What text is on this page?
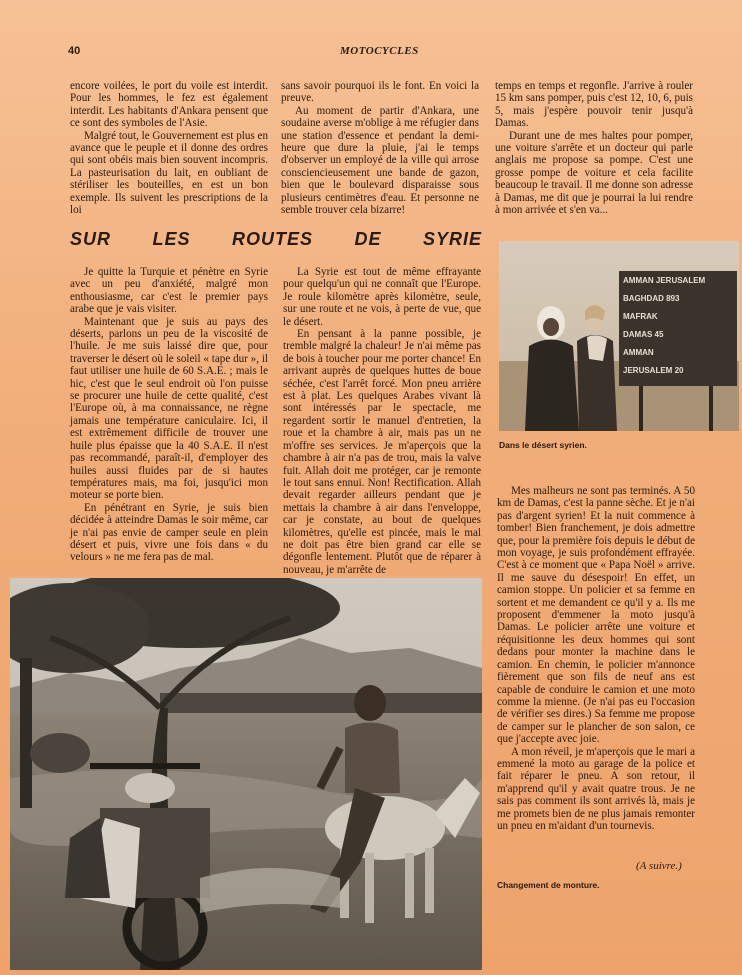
40	MOTOCYCLES

encore voilées, le port du voile est interdit. Pour les hommes, le fez est également interdit. Les habitants d'Ankara pensent que ce sont des symboles de l'Asie.

Malgré tout, le Gouvernement est plus en avance que le peuple et il donne des ordres qui sont obéis mais bien souvent incompris. La pasteurisation du lait, en oubliant de stériliser les bouteilles, en est un bon exemple. Ils suivent les prescriptions de la loi

sans savoir pourquoi ils le font. En voici la preuve.

Au moment de partir d'Ankara, une soudaine averse m'oblige à me réfugier dans une station d'essence et pendant la demi-heure que dure la pluie, j'ai le temps d'observer un employé de la ville qui arrose consciencieusement une bande de gazon, bien que le boulevard disparaisse sous plusieurs centimètres d'eau. Et personne ne semble trouver cela bizarre!

temps en temps et regonfle. J'arrive à rouler 15 km sans pomper, puis c'est 12, 10, 6, puis 5, mais j'espère pouvoir tenir jusqu'à Damas.

Durant une de mes haltes pour pomper, une voiture s'arrête et un docteur qui parle anglais me propose sa pompe. C'est une grosse pompe de voiture et cela facilite beaucoup le travail. Il me donne son adresse à Damas, me dit que je pourrai la lui rendre à mon arrivée et s'en va...

SUR LES ROUTES DE SYRIE

Je quitte la Turquie et pénètre en Syrie avec un peu d'anxiété, malgré mon enthousiasme, car c'est le premier pays arabe que je vais visiter.

Maintenant que je suis au pays des déserts, parlons un peu de la viscosité de l'huile. Je me suis laissé dire que, pour traverser le désert où le soleil « tape dur », il faut utiliser une huile de 60 S.A.E. ; mais le hic, c'est que le seul endroit où l'on puisse se procurer une huile de cette qualité, c'est l'Europe où, à ma connaissance, ne règne jamais une température caniculaire. Ici, il est extrêmement difficile de trouver une huile plus épaisse que la 40 S.A.E. Il n'est pas recommandé, paraît-il, d'employer des huiles aussi fluides par de si hautes températures mais, ma foi, jusqu'ici mon moteur se porte bien.

En pénétrant en Syrie, je suis bien décidée à atteindre Damas le soir même, car je n'ai pas envie de camper seule en plein désert et puis, vivre une fois dans « du velours » ne me fera pas de mal.

La Syrie est tout de même effrayante pour quelqu'un qui ne connaît que l'Europe. Je roule kilomètre après kilomètre, seule, sur une route et ne vois, à perte de vue, que le désert.

En pensant à la panne possible, je tremble malgré la chaleur! Je n'ai même pas de bois à toucher pour me porter chance! En arrivant auprès de quelques huttes de boue séchée, c'est l'arrêt forcé. Mon pneu arrière est à plat. Les quelques Arabes vivant là sont intéressés par le spectacle, me regardent sortir le manuel d'entretien, la roue et la chambre à air, mais pas un ne m'offre ses services. Je m'aperçois que la chambre à air n'a pas de trou, mais la valve fuit. Allah doit me protéger, car je remonte le tout sans ennui. Non! Rectification. Allah devait regarder ailleurs pendant que je mettais la chambre à air dans l'enveloppe, car je constate, au bout de quelques kilomètres, qu'elle est pincée, mais le mal ne doit pas être bien grand car elle se dégonfle lentement. Plutôt que de réparer à nouveau, je m'arrête de

Mes malheurs ne sont pas terminés. A 50 km de Damas, c'est la panne sèche. Et je n'ai pas d'argent syrien! Et la nuit commence à tomber! Bien franchement, je dois admettre que, pour la première fois depuis le début de mon voyage, je suis profondément effrayée. C'est à ce moment que « Papa Noël » arrive. Il me sauve du désespoir! En effet, un camion stoppe. Un policier et sa femme en sortent et me demandent ce qu'il y a. Ils me proposent d'emmener la moto jusqu'à Damas. Le policier arrête une voiture et réquisitionne les deux hommes qui sont dedans pour monter la machine dans le camion. En chemin, le policier m'annonce fièrement que son fils de neuf ans est capable de conduire le camion et une moto comme la mienne. (Je n'ai pas eu l'occasion de vérifier ses dires.) Sa femme me propose de camper sur le plancher de son salon, ce que j'accepte avec joie.

A mon réveil, je m'aperçois que le mari a emmené la moto au garage de la police et fait réparer le pneu. A son retour, il m'apprend qu'il y avait quatre trous. Je ne sais pas comment ils sont arrivés là, mais je me promets bien de ne plus jamais remonter un pneu en m'aidant d'un tournevis.

(A suivre.)
AMMAN JERUSALEM
BAGHDAD 893
MAFRAK
DAMAS 45
AMMAN
JERUSALEM 20
Dans le désert syrien.
Changement de monture.
